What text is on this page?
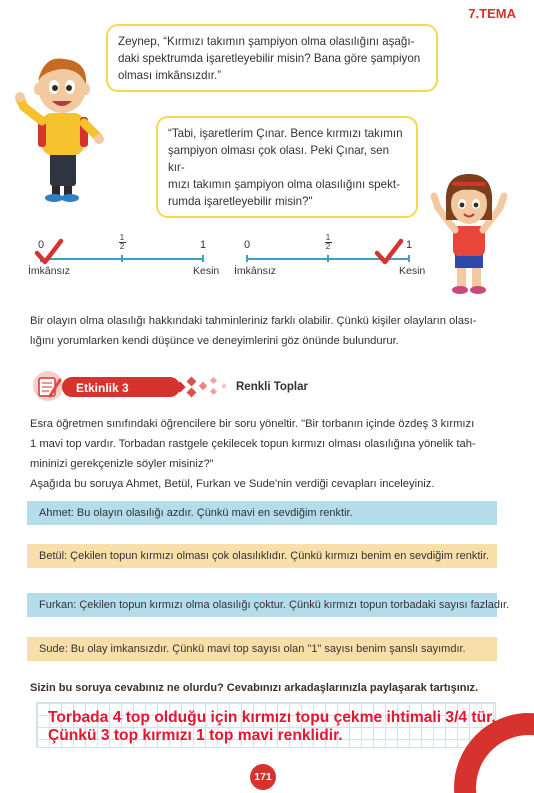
7.TEMA
Zeynep, “Kırmızı takımın şampiyon olma olasılığını aşağı-
daki spektrumda işaretleyebilir misin? Bana göre şampiyon
olması imkânsızdır.”
“Tabi, işaretlerim Çınar. Bence kırmızı takımın
şampiyon olması çok olası. Peki Çınar, sen kır-
mızı takımın şampiyon olma olasılığını spekt-
rumda işaretleyebilir misin?"
0	$\frac{1}{2}$	1
İmkânsız	Kesin
0	$\frac{1}{2}$	1
İmkânsız	Kesin
Bir olayın olma olasılığı hakkındaki tahminleriniz farklı olabilir. Çünkü kişiler olayların olası-
lığını yorumlarken kendi düşünce ve deneyimlerini göz önünde bulundurur.
Etkinlik 3	Renkli Toplar
Esra öğretmen sınıfındaki öğrencilere bir soru yöneltir. "Bir torbanın içinde özdeş 3 kırmızı
1 mavi top vardır. Torbadan rastgele çekilecek topun kırmızı olması olasılığına yönelik tah-
mininizi gerekçenizle söyler misiniz?"
Aşağıda bu soruya Ahmet, Betül, Furkan ve Sude'nin verdiği cevapları inceleyiniz.
Ahmet: Bu olayın olasılığı azdır. Çünkü mavi en sevdiğim renktir.
Betül: Çekilen topun kırmızı olması çok olasılıklıdır. Çünkü kırmızı benim en sevdiğim renktir.
Furkan: Çekilen topun kırmızı olma olasılığı çoktur. Çünkü kırmızı topun torbadaki sayısı fazladır.
Sude: Bu olay imkansızdır. Çünkü mavi top sayısı olan "1" sayısı benim şanslı sayımdır.
Sizin bu soruya cevabınız ne olurdu? Cevabınızı arkadaşlarınızla paylaşarak tartışınız.
Torbada 4 top olduğu için kırmızı topu çekme ihtimali 3/4 tür.
Çünkü 3 top kırmızı 1 top mavi renklidir.
171
